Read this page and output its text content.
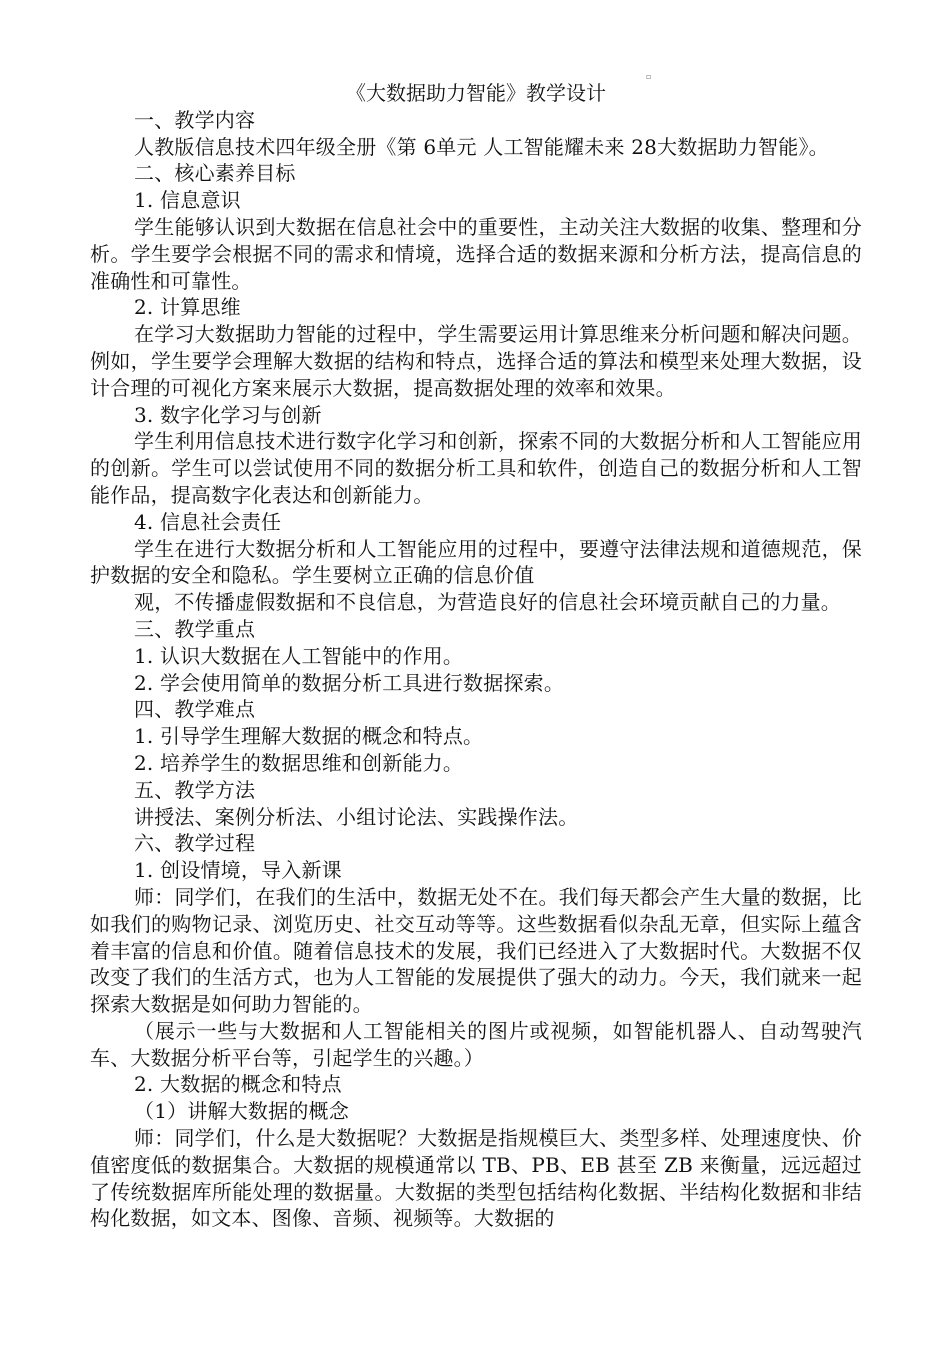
▫

《大数据助力智能》教学设计

一、教学内容

人教版信息技术四年级全册《第 6单元 人工智能耀未来 28大数据助力智能》。

二、核心素养目标

1. 信息意识

学生能够认识到大数据在信息社会中的重要性，主动关注大数据的收集、整理和分析。学生要学会根据不同的需求和情境，选择合适的数据来源和分析方法，提高信息的准确性和可靠性。

2. 计算思维

在学习大数据助力智能的过程中，学生需要运用计算思维来分析问题和解决问题。例如，学生要学会理解大数据的结构和特点，选择合适的算法和模型来处理大数据，设计合理的可视化方案来展示大数据，提高数据处理的效率和效果。

3. 数字化学习与创新

学生利用信息技术进行数字化学习和创新，探索不同的大数据分析和人工智能应用的创新。学生可以尝试使用不同的数据分析工具和软件，创造自己的数据分析和人工智能作品，提高数字化表达和创新能力。

4. 信息社会责任

学生在进行大数据分析和人工智能应用的过程中，要遵守法律法规和道德规范，保护数据的安全和隐私。学生要树立正确的信息价值

观，不传播虚假数据和不良信息，为营造良好的信息社会环境贡献自己的力量。

三、教学重点

1. 认识大数据在人工智能中的作用。

2. 学会使用简单的数据分析工具进行数据探索。

四、教学难点

1. 引导学生理解大数据的概念和特点。

2. 培养学生的数据思维和创新能力。

五、教学方法

讲授法、案例分析法、小组讨论法、实践操作法。

六、教学过程

1. 创设情境，导入新课

师：同学们，在我们的生活中，数据无处不在。我们每天都会产生大量的数据，比如我们的购物记录、浏览历史、社交互动等等。这些数据看似杂乱无章，但实际上蕴含着丰富的信息和价值。随着信息技术的发展，我们已经进入了大数据时代。大数据不仅改变了我们的生活方式，也为人工智能的发展提供了强大的动力。今天，我们就来一起探索大数据是如何助力智能的。

（展示一些与大数据和人工智能相关的图片或视频，如智能机器人、自动驾驶汽车、大数据分析平台等，引起学生的兴趣。）

2. 大数据的概念和特点

（1）讲解大数据的概念

师：同学们，什么是大数据呢？大数据是指规模巨大、类型多样、处理速度快、价值密度低的数据集合。大数据的规模通常以 TB、PB、EB 甚至 ZB 来衡量，远远超过了传统数据库所能处理的数据量。大数据的类型包括结构化数据、半结构化数据和非结构化数据，如文本、图像、音频、视频等。大数据的
